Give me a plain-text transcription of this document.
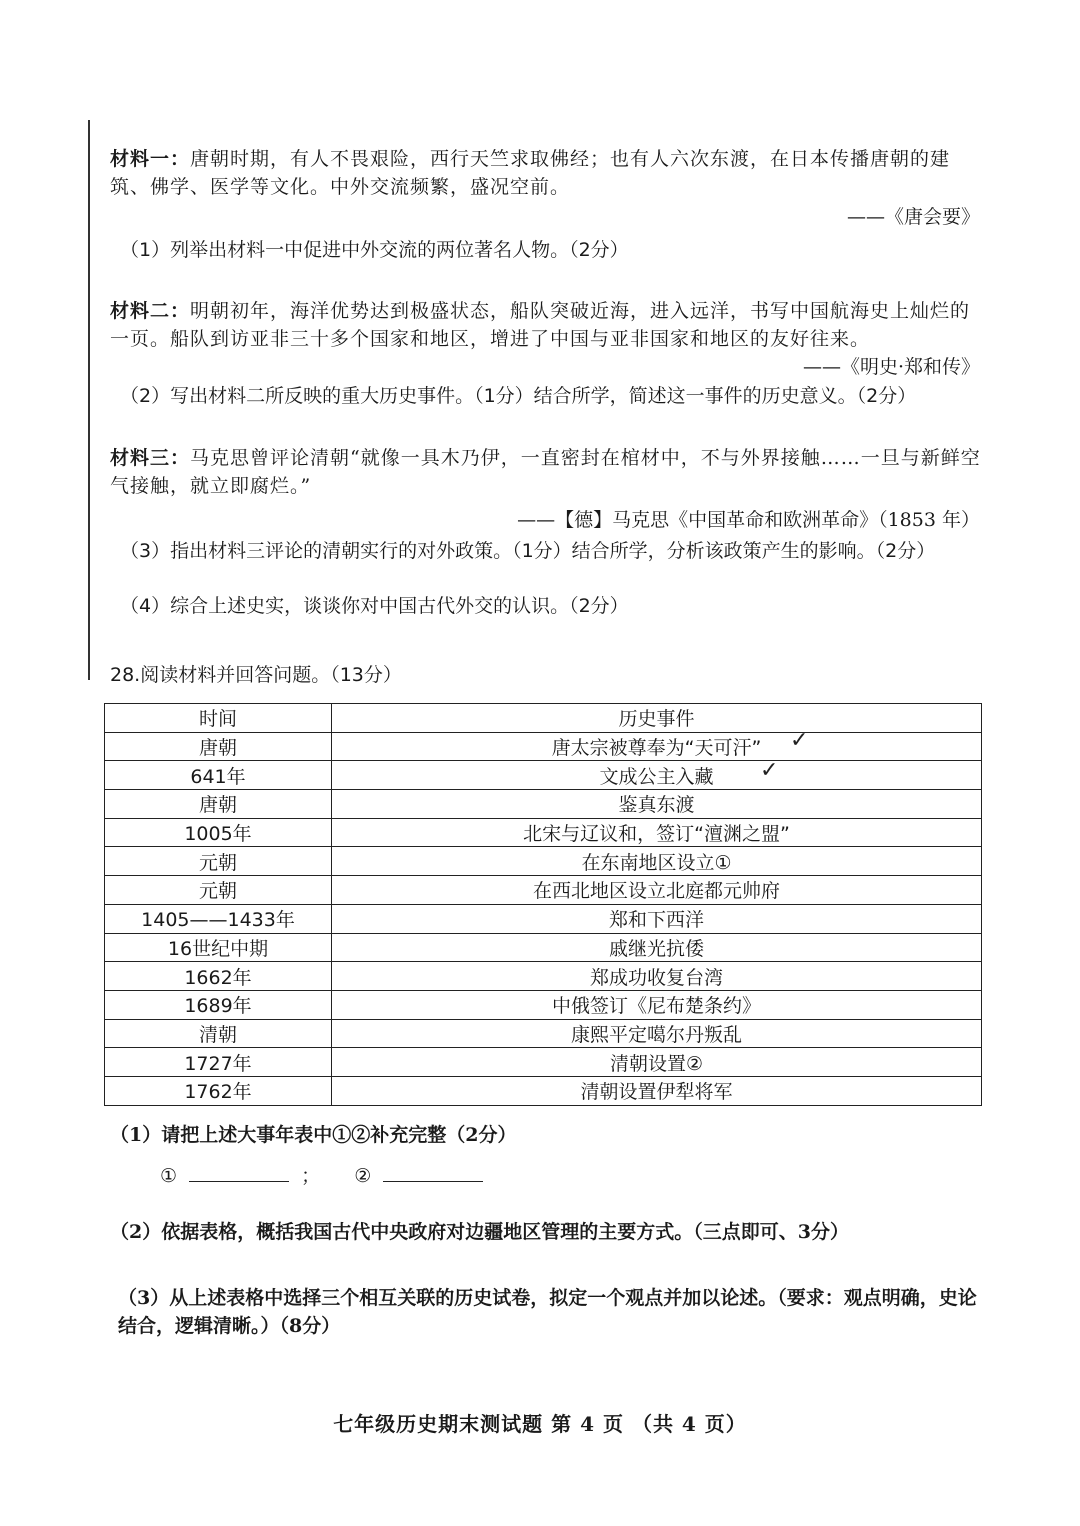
材料一：唐朝时期，有人不畏艰险，西行天竺求取佛经；也有人六次东渡，在日本传播唐朝的建筑、佛学、医学等文化。中外交流频繁，盛况空前。
——《唐会要》
（1）列举出材料一中促进中外交流的两位著名人物。（2分）
材料二：明朝初年，海洋优势达到极盛状态，船队突破近海，进入远洋，书写中国航海史上灿烂的一页。船队到访亚非三十多个国家和地区，增进了中国与亚非国家和地区的友好往来。
——《明史·郑和传》
（2）写出材料二所反映的重大历史事件。（1分）结合所学，简述这一事件的历史意义。（2分）
材料三：马克思曾评论清朝“就像一具木乃伊，一直密封在棺材中，不与外界接触……一旦与新鲜空气接触，就立即腐烂。”
——【德】马克思《中国革命和欧洲革命》（1853 年）
（3）指出材料三评论的清朝实行的对外政策。（1分）结合所学，分析该政策产生的影响。（2分）
（4）综合上述史实，谈谈你对中国古代外交的认识。（2分）
28.阅读材料并回答问题。（13分）
时间	历史事件
唐朝	唐太宗被尊奉为“天可汗”
641年	文成公主入藏
唐朝	鉴真东渡
1005年	北宋与辽议和，签订“澶渊之盟”
元朝	在东南地区设立①
元朝	在西北地区设立北庭都元帅府
1405——1433年	郑和下西洋
16世纪中期	戚继光抗倭
1662年	郑成功收复台湾
1689年	中俄签订《尼布楚条约》
清朝	康熙平定噶尔丹叛乱
1727年	清朝设置②
1762年	清朝设置伊犁将军
✓
✓
（1）请把上述大事年表中①②补充完整（2分）
①	； ②
（2）依据表格，概括我国古代中央政府对边疆地区管理的主要方式。（三点即可、3分）
（3）从上述表格中选择三个相互关联的历史试卷，拟定一个观点并加以论述。（要求：观点明确，史论结合，逻辑清晰。）（8分）
七年级历史期末测试题 第 4 页 （共 4 页）
